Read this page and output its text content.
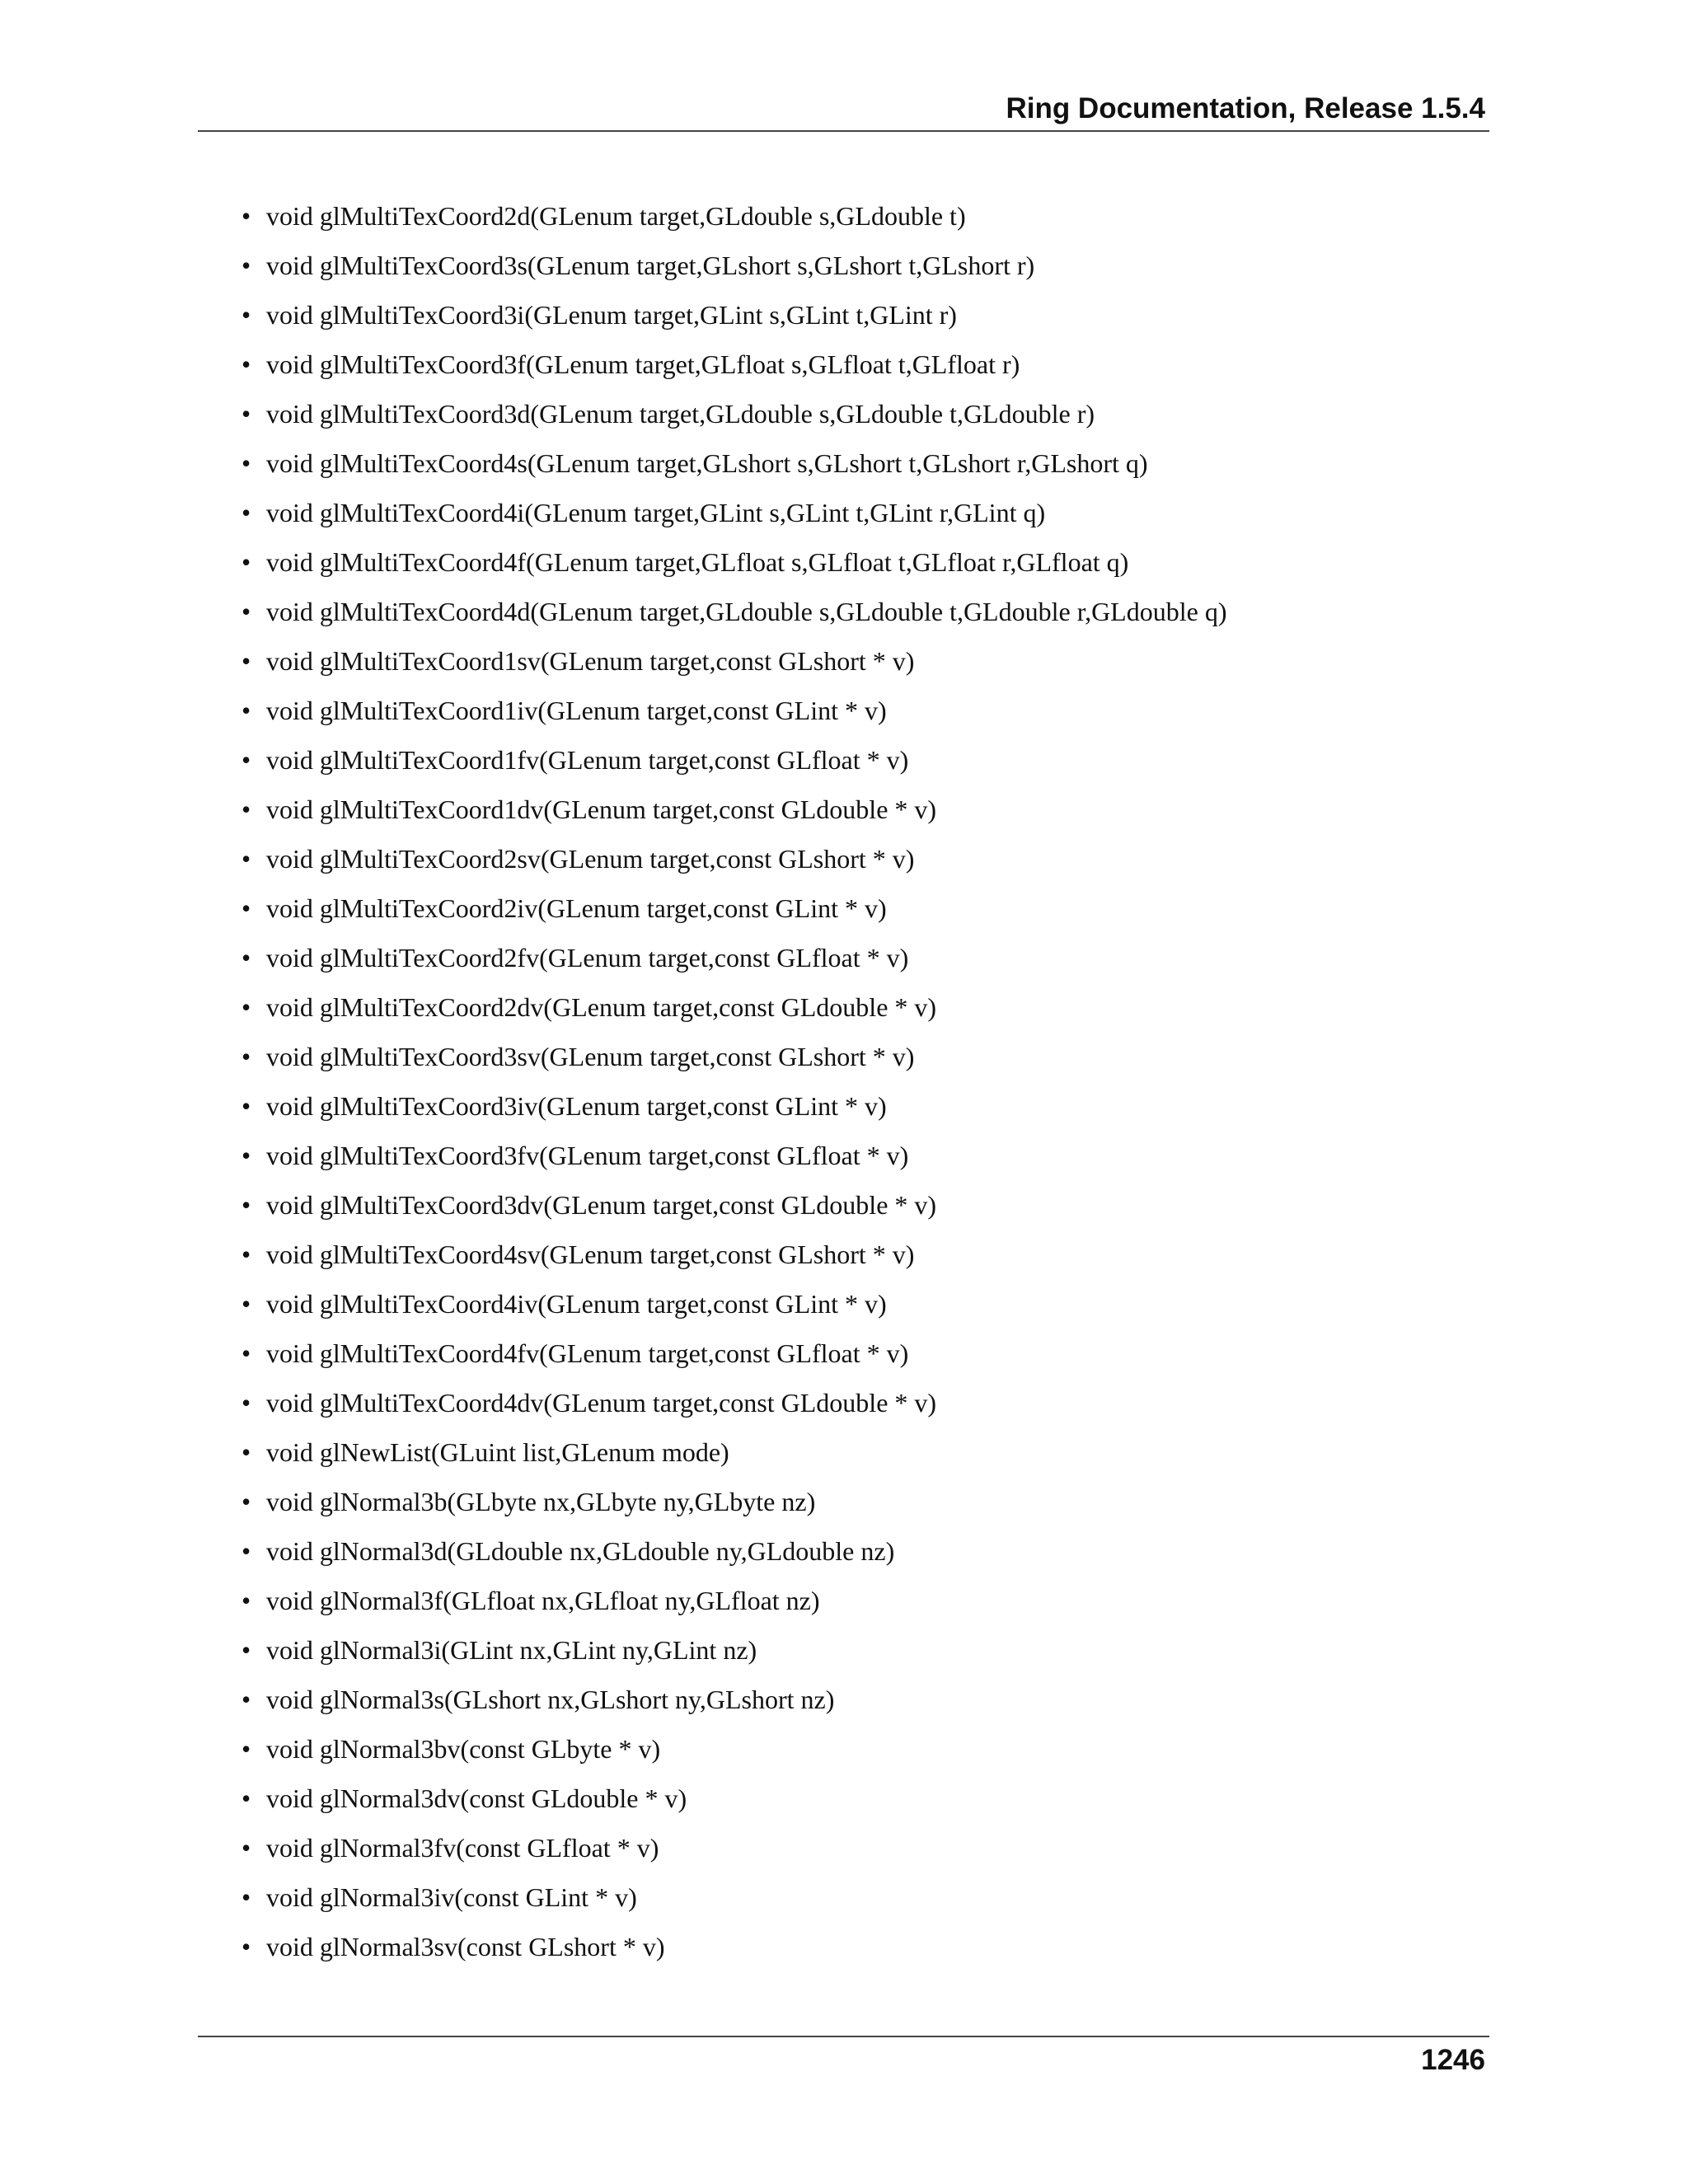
Ring Documentation, Release 1.5.4
• void glMultiTexCoord2d(GLenum target,GLdouble s,GLdouble t)
• void glMultiTexCoord3s(GLenum target,GLshort s,GLshort t,GLshort r)
• void glMultiTexCoord3i(GLenum target,GLint s,GLint t,GLint r)
• void glMultiTexCoord3f(GLenum target,GLfloat s,GLfloat t,GLfloat r)
• void glMultiTexCoord3d(GLenum target,GLdouble s,GLdouble t,GLdouble r)
• void glMultiTexCoord4s(GLenum target,GLshort s,GLshort t,GLshort r,GLshort q)
• void glMultiTexCoord4i(GLenum target,GLint s,GLint t,GLint r,GLint q)
• void glMultiTexCoord4f(GLenum target,GLfloat s,GLfloat t,GLfloat r,GLfloat q)
• void glMultiTexCoord4d(GLenum target,GLdouble s,GLdouble t,GLdouble r,GLdouble q)
• void glMultiTexCoord1sv(GLenum target,const GLshort * v)
• void glMultiTexCoord1iv(GLenum target,const GLint * v)
• void glMultiTexCoord1fv(GLenum target,const GLfloat * v)
• void glMultiTexCoord1dv(GLenum target,const GLdouble * v)
• void glMultiTexCoord2sv(GLenum target,const GLshort * v)
• void glMultiTexCoord2iv(GLenum target,const GLint * v)
• void glMultiTexCoord2fv(GLenum target,const GLfloat * v)
• void glMultiTexCoord2dv(GLenum target,const GLdouble * v)
• void glMultiTexCoord3sv(GLenum target,const GLshort * v)
• void glMultiTexCoord3iv(GLenum target,const GLint * v)
• void glMultiTexCoord3fv(GLenum target,const GLfloat * v)
• void glMultiTexCoord3dv(GLenum target,const GLdouble * v)
• void glMultiTexCoord4sv(GLenum target,const GLshort * v)
• void glMultiTexCoord4iv(GLenum target,const GLint * v)
• void glMultiTexCoord4fv(GLenum target,const GLfloat * v)
• void glMultiTexCoord4dv(GLenum target,const GLdouble * v)
• void glNewList(GLuint list,GLenum mode)
• void glNormal3b(GLbyte nx,GLbyte ny,GLbyte nz)
• void glNormal3d(GLdouble nx,GLdouble ny,GLdouble nz)
• void glNormal3f(GLfloat nx,GLfloat ny,GLfloat nz)
• void glNormal3i(GLint nx,GLint ny,GLint nz)
• void glNormal3s(GLshort nx,GLshort ny,GLshort nz)
• void glNormal3bv(const GLbyte * v)
• void glNormal3dv(const GLdouble * v)
• void glNormal3fv(const GLfloat * v)
• void glNormal3iv(const GLint * v)
• void glNormal3sv(const GLshort * v)
1246
